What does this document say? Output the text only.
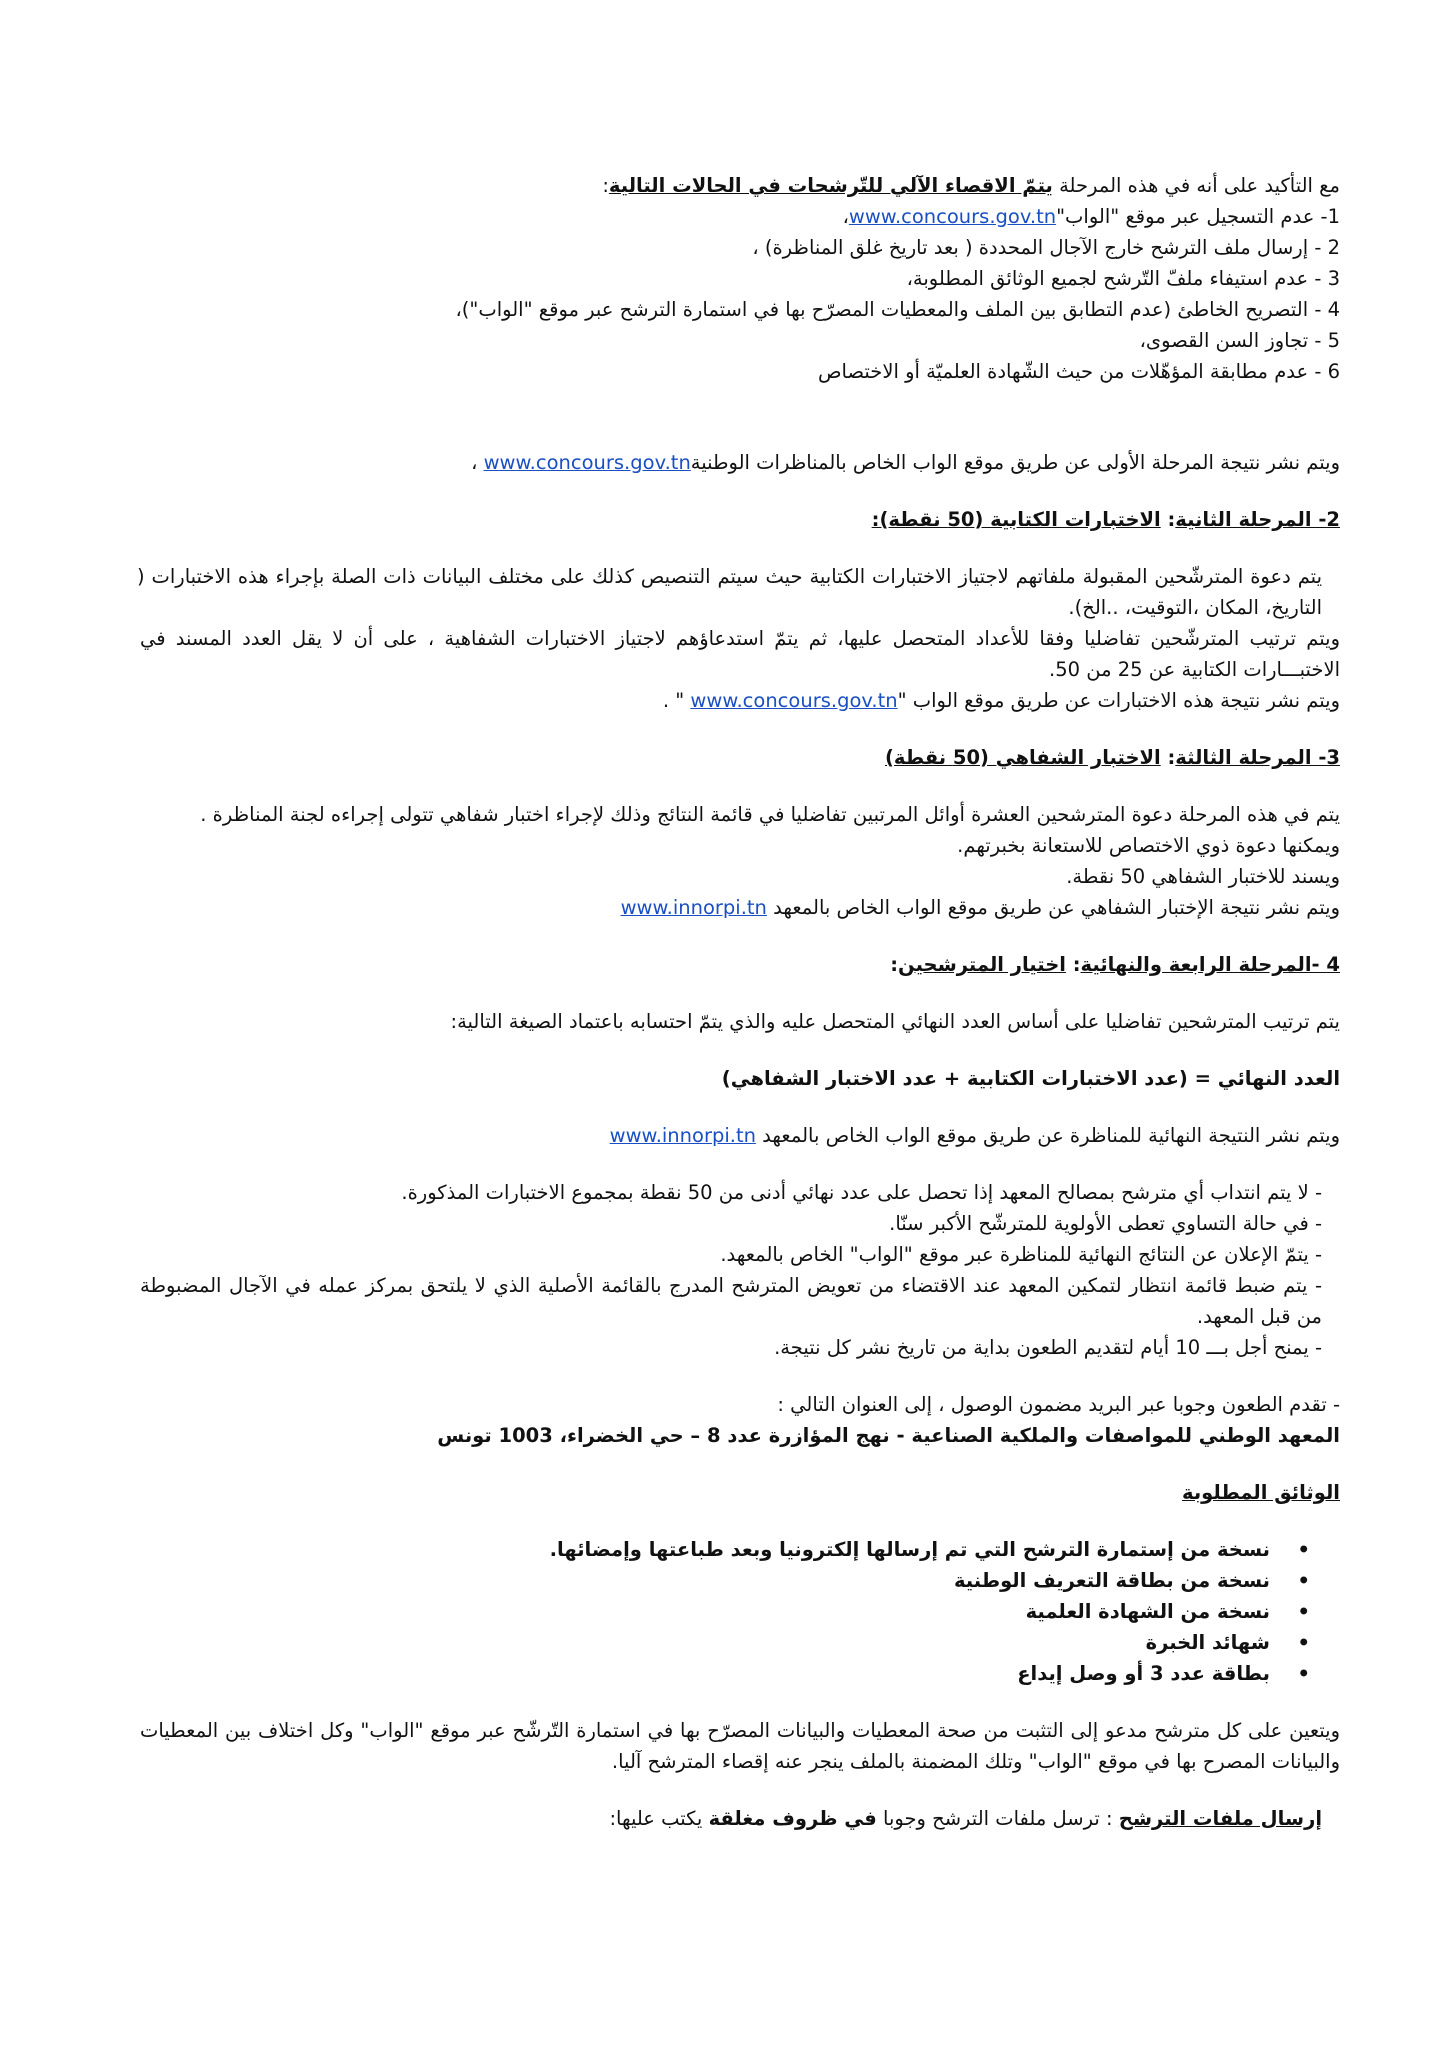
مع التأكيد على أنه في هذه المرحلة يتمّ الاقصاء الآلي للتّرشحات في الحالات التالية:
1- عدم التسجيل عبر موقع "الواب"www.concours.gov.tn،
2 - إرسال ملف الترشح خارج الآجال المحددة ( بعد تاريخ غلق المناظرة) ،
3 - عدم استيفاء ملفّ التّرشح لجميع الوثائق المطلوبة،
4 - التصريح الخاطئ (عدم التطابق بين الملف والمعطيات المصرّح بها في استمارة الترشح عبر موقع "الواب")،
5 - تجاوز السن القصوى،
6 - عدم مطابقة المؤهّلات من حيث الشّهادة العلميّة أو الاختصاص
ويتم نشر نتيجة المرحلة الأولى عن طريق موقع الواب الخاص بالمناظرات الوطنيةwww.concours.gov.tn ،
2- المرحلة الثانية: الاختبارات الكتابية (50 نقطة):
يتم دعوة المترشّحين المقبولة ملفاتهم لاجتياز الاختبارات الكتابية حيث سيتم التنصيص كذلك على مختلف البيانات ذات الصلة بإجراء هذه الاختبارات ( التاريخ، المكان ،التوقيت، ..الخ).
ويتم ترتيب المترشّحين تفاضليا وفقا للأعداد المتحصل عليها، ثم يتمّ استدعاؤهم لاجتياز الاختبارات الشفاهية ، على أن لا يقل العدد المسند في الاختبـــارات الكتابية عن 25 من 50.
ويتم نشر نتيجة هذه الاختبارات عن طريق موقع الواب "www.concours.gov.tn " .
3- المرحلة الثالثة: الاختبار الشفاهي (50 نقطة)
يتم في هذه المرحلة دعوة المترشحين العشرة أوائل المرتبين تفاضليا في قائمة النتائج وذلك لإجراء اختبار شفاهي تتولى إجراءه لجنة المناظرة .
ويمكنها دعوة ذوي الاختصاص للاستعانة بخبرتهم.
ويسند للاختبار الشفاهي 50 نقطة.
ويتم نشر نتيجة الإختبار الشفاهي عن طريق موقع الواب الخاص بالمعهد www.innorpi.tn
4 -المرحلة الرابعة والنهائية: اختيار المترشحين:
يتم ترتيب المترشحين تفاضليا على أساس العدد النهائي المتحصل عليه والذي يتمّ احتسابه باعتماد الصيغة التالية:
العدد النهائي = (عدد الاختبارات الكتابية + عدد الاختبار الشفاهي)
ويتم نشر النتيجة النهائية للمناظرة عن طريق موقع الواب الخاص بالمعهد www.innorpi.tn
- لا يتم انتداب أي مترشح بمصالح المعهد إذا تحصل على عدد نهائي أدنى من 50 نقطة بمجموع الاختبارات المذكورة.
- في حالة التساوي تعطى الأولوية للمترشّح الأكبر سنّا.
- يتمّ الإعلان عن النتائج النهائية للمناظرة عبر موقع "الواب" الخاص بالمعهد.
- يتم ضبط قائمة انتظار لتمكين المعهد عند الاقتضاء من تعويض المترشح المدرج بالقائمة الأصلية الذي لا يلتحق بمركز عمله في الآجال المضبوطة من قبل المعهد.
- يمنح أجل بـــ 10 أيام لتقديم الطعون بداية من تاريخ نشر كل نتيجة.
- تقدم الطعون وجوبا عبر البريد مضمون الوصول ، إلى العنوان التالي :
المعهد الوطني للمواصفات والملكية الصناعية - نهج المؤازرة عدد 8 – حي الخضراء، 1003 تونس
الوثائق المطلوبة
•
نسخة من إستمارة الترشح التي تم إرسالها إلكترونيا وبعد طباعتها وإمضائها.
•
نسخة من بطاقة التعريف الوطنية
•
نسخة من الشهادة العلمية
•
شهائد الخبرة
•
بطاقة عدد 3 أو وصل إيداع
ويتعين على كل مترشح مدعو إلى التثبت من صحة المعطيات والبيانات المصرّح بها في استمارة التّرشّح عبر موقع "الواب" وكل اختلاف بين المعطيات والبيانات المصرح بها في موقع "الواب" وتلك المضمنة بالملف ينجر عنه إقصاء المترشح آليا.
إرسال ملفات الترشح : ترسل ملفات الترشح وجوبا في ظروف مغلقة يكتب عليها:
